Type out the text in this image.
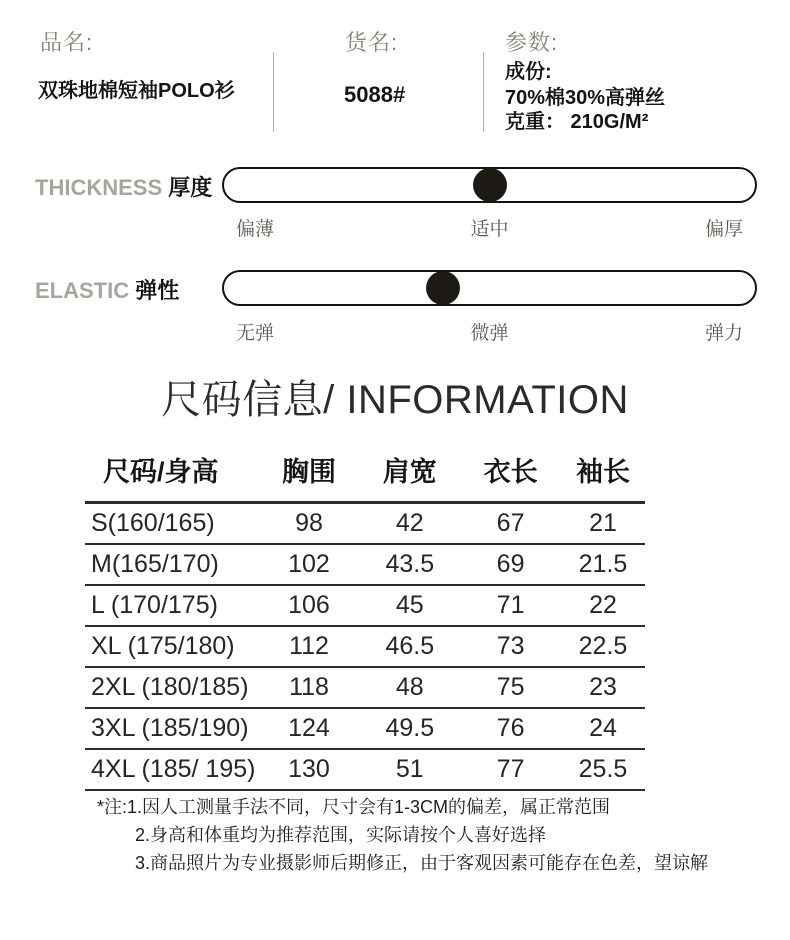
品名:
双珠地棉短袖POLO衫
货名:
5088#
参数:
成份:
70%棉30%高弹丝
克重： 210G/M²
THICKNESS 厚度
偏薄	适中	偏厚
ELASTIC 弹性
无弹	微弹	弹力
尺码信息/ INFORMATION
尺码/身高	胸围	肩宽	衣长	袖长
S(160/165)	98	42	67	21
M(165/170)	102	43.5	69	21.5
L (170/175)	106	45	71	22
XL (175/180)	112	46.5	73	22.5
2XL (180/185)	118	48	75	23
3XL (185/190)	124	49.5	76	24
4XL (185/ 195)	130	51	77	25.5
*注:1.因人工测量手法不同，尺寸会有1-3CM的偏差，属正常范围
2.身高和体重均为推荐范围，实际请按个人喜好选择
3.商品照片为专业摄影师后期修正，由于客观因素可能存在色差，望谅解
